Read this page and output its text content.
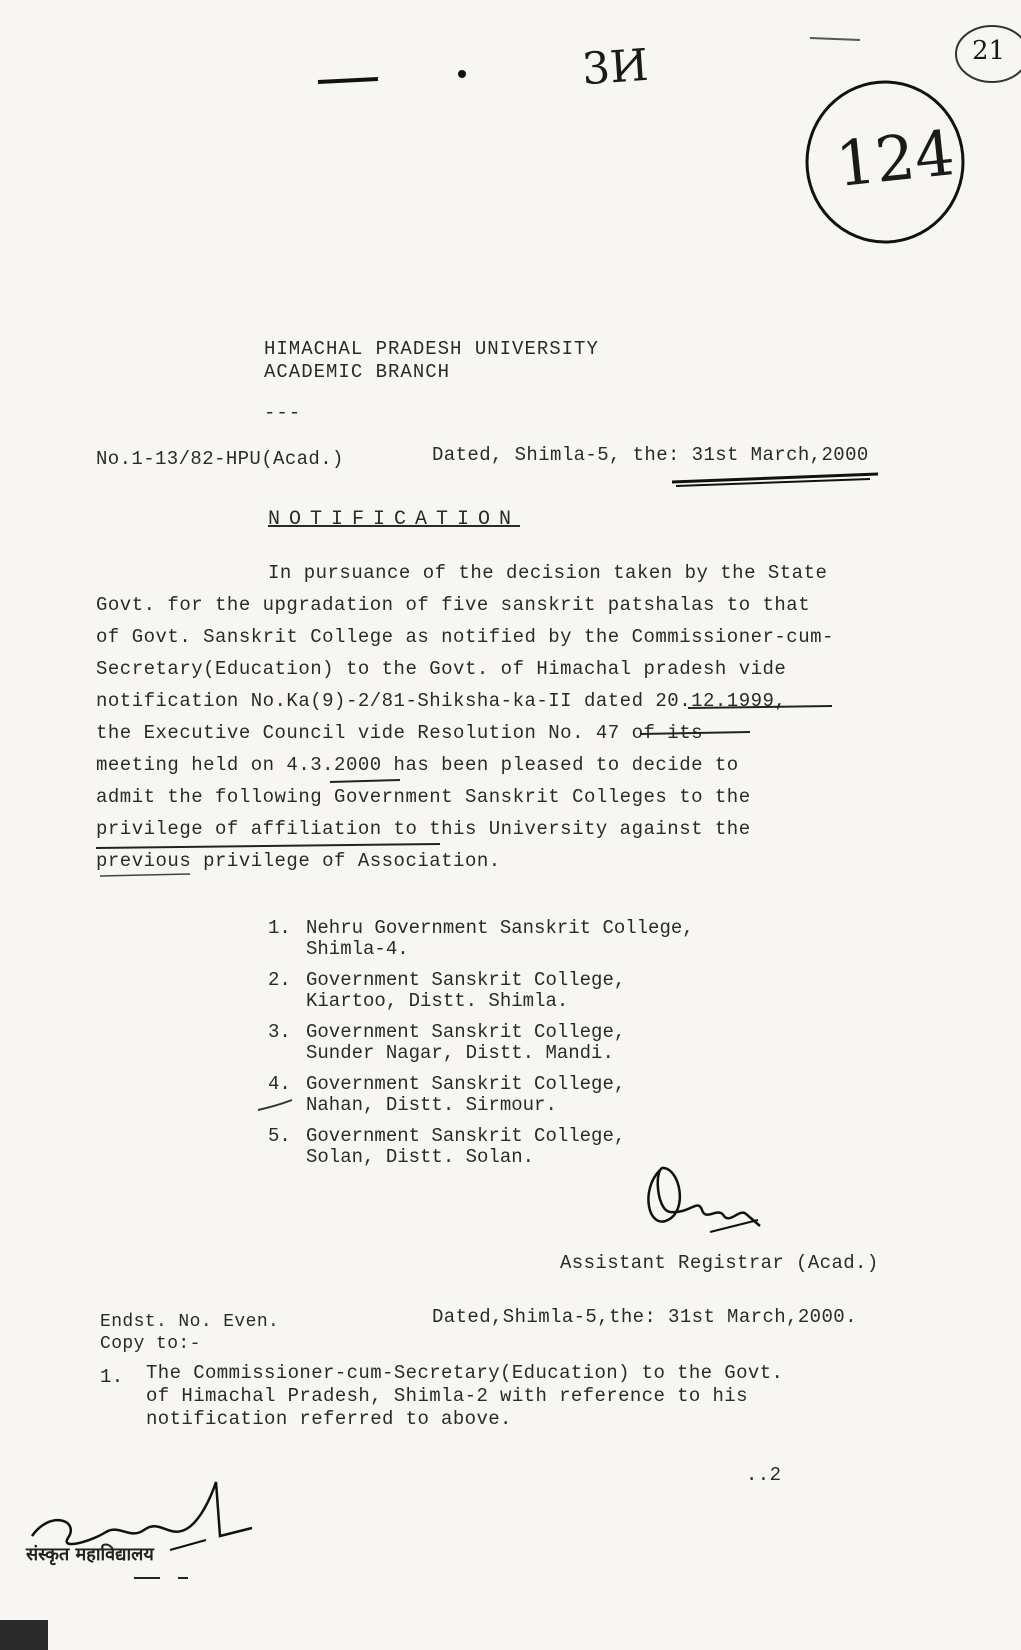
3И
124
21
HIMACHAL PRADESH UNIVERSITY
ACADEMIC BRANCH
---
No.1-13/82-HPU(Acad.)	Dated, Shimla-5, the: 31st March,2000
NOTIFICATION

In pursuance of the decision taken by the State

Govt. for the upgradation of five sanskrit patshalas to that

of Govt. Sanskrit College as notified by the Commissioner-cum-

Secretary(Education) to the Govt. of Himachal pradesh vide

notification No.Ka(9)-2/81-Shiksha-ka-II dated 20.12.1999,

the Executive Council vide Resolution No. 47 of its

meeting held on 4.3.2000 has been pleased to decide to

admit the following Government Sanskrit Colleges to the

privilege of affiliation to this University against the

previous privilege of Association.

1. Nehru Government Sanskrit College,
Shimla-4.
2. Government Sanskrit College,
Kiartoo, Distt. Shimla.
3. Government Sanskrit College,
Sunder Nagar, Distt. Mandi.
4. Government Sanskrit College,
Nahan, Distt. Sirmour.
5. Government Sanskrit College,
Solan, Distt. Solan.
Assistant Registrar (Acad.)
Endst. No. Even.	Dated,Shimla-5,the: 31st March,2000.
Copy to:-
1. The Commissioner-cum-Secretary(Education) to the Govt.
of Himachal Pradesh, Shimla-2 with reference to his
notification referred to above.
..2
संस्कृत महाविद्यालय
